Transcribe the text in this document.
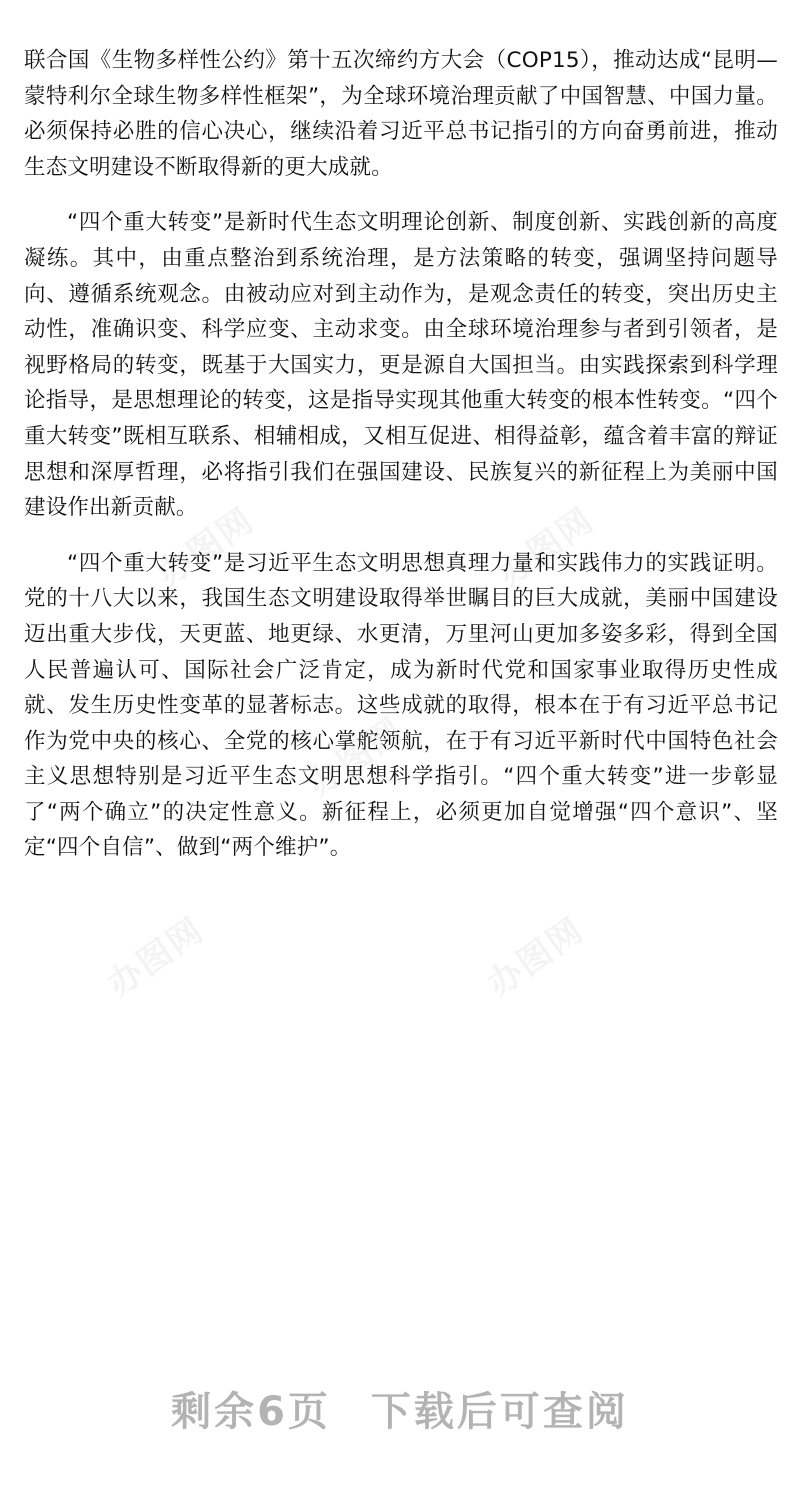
办图网	办图网
办图网
办图网	办图网

联合国《生物多样性公约》第十五次缔约方大会（COP15），推动达成“昆明—蒙特利尔全球生物多样性框架”，为全球环境治理贡献了中国智慧、中国力量。必须保持必胜的信心决心，继续沿着习近平总书记指引的方向奋勇前进，推动生态文明建设不断取得新的更大成就。

“四个重大转变”是新时代生态文明理论创新、制度创新、实践创新的高度凝练。其中，由重点整治到系统治理，是方法策略的转变，强调坚持问题导向、遵循系统观念。由被动应对到主动作为，是观念责任的转变，突出历史主动性，准确识变、科学应变、主动求变。由全球环境治理参与者到引领者，是视野格局的转变，既基于大国实力，更是源自大国担当。由实践探索到科学理论指导，是思想理论的转变，这是指导实现其他重大转变的根本性转变。“四个重大转变”既相互联系、相辅相成，又相互促进、相得益彰，蕴含着丰富的辩证思想和深厚哲理，必将指引我们在强国建设、民族复兴的新征程上为美丽中国建设作出新贡献。

“四个重大转变”是习近平生态文明思想真理力量和实践伟力的实践证明。党的十八大以来，我国生态文明建设取得举世瞩目的巨大成就，美丽中国建设迈出重大步伐，天更蓝、地更绿、水更清，万里河山更加多姿多彩，得到全国人民普遍认可、国际社会广泛肯定，成为新时代党和国家事业取得历史性成就、发生历史性变革的显著标志。这些成就的取得，根本在于有习近平总书记作为党中央的核心、全党的核心掌舵领航，在于有习近平新时代中国特色社会主义思想特别是习近平生态文明思想科学指引。“四个重大转变”进一步彰显了“两个确立”的决定性意义。新征程上，必须更加自觉增强“四个意识”、坚定“四个自信”、做到“两个维护”。

剩余6页 下载后可查阅
